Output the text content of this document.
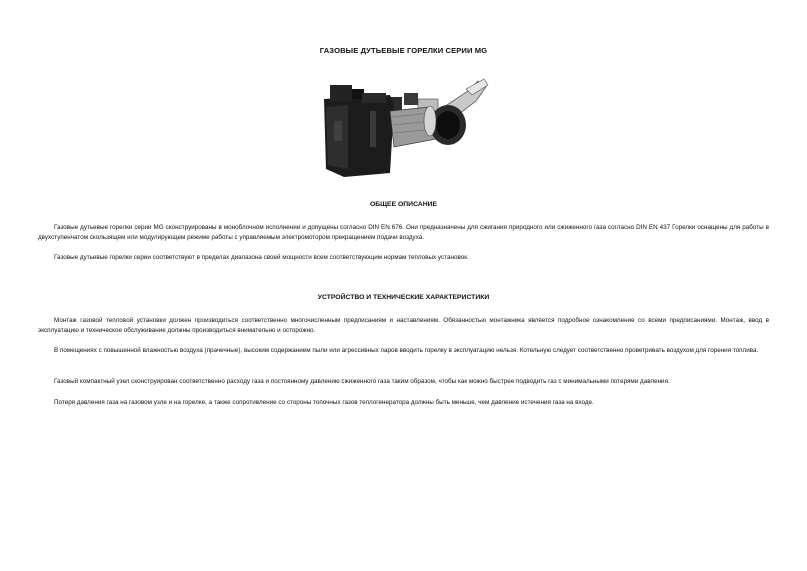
ГАЗОВЫЕ ДУТЬЕВЫЕ ГОРЕЛКИ СЕРИИ MG
ОБЩЕЕ ОПИСАНИЕ

Газовые дутьевые горелки серии MG сконструированы в моноблочном исполнении и допущены согласно DIN EN 676. Они предназначены для сжигания природного или сжиженного газа согласно DIN EN 437 Горелки оснащены для работы в двухступенчатом скользящем или модулирующем режиме работы с управляемым электромотором прекращением подачи воздуха.

Газовые дутьевые горелки серии соответствуют в пределах диапазона своей мощности всем соответствующим нормам тепловых установок.

УСТРОЙСТВО И ТЕХНИЧЕСКИЕ ХАРАКТЕРИСТИКИ

Монтаж газовой тепловой установки должен производиться соответственно многочисленным предписаниям и наставлениям. Обязанностью монтажника является подробное ознакомление со всеми предписаниями. Монтаж, ввод в эксплуатацию и техническое обслуживание должны производиться внимательно и осторожно.

В помещениях с повышенной влажностью воздуха (прачечные), высоким содержанием пыли или агрессивных паров вводить горелку в эксплуатацию нельзя. Котельную следует соответственно проветривать воздухом для горения топлива.

Газовый компактный узел сконструирован соответственно расходу газа и постоянному давлению сжиженного газа таким образом, чтобы как можно быстрее подводить газ с минимальными потерями давления.

Потеря давления газа на газовом узле и на горелке, а также сопротивление со стороны топочных газов теплогенератора должны быть меньше, чем давление истечения газа на входе.
